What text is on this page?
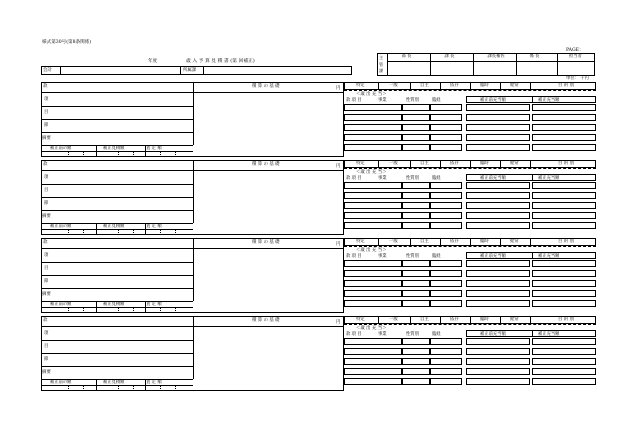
様式第30号(第8条関係)
PAGE：
年度	歳 入 予 算 見 積 書 (第 回補正)
会計	所属課
部 長	課 長	課長補佐	係 長	担当者
主 管 課
単位： 千円
款
項
目
節
摘要
積 算 の 基 礎	円
補正前の額	補正見積額	査 定 額
特定	一般	自主	依存	臨時	経常	目 的 別
＜歳 出 充 当＞
款 項 目	事業	性質別	臨経	補正前充当額	補正充当額
款
項
目
節
摘要
積 算 の 基 礎	円
補正前の額	補正見積額	査 定 額
特定	一般	自主	依存	臨時	経常	目 的 別
＜歳 出 充 当＞
款 項 目	事業	性質別	臨経	補正前充当額	補正充当額
款
項
目
節
摘要
積 算 の 基 礎	円
補正前の額	補正見積額	査 定 額
特定	一般	自主	依存	臨時	経常	目 的 別
＜歳 出 充 当＞
款 項 目	事業	性質別	臨経	補正前充当額	補正充当額
款
項
目
節
摘要
積 算 の 基 礎	円
補正前の額	補正見積額	査 定 額
特定	一般	自主	依存	臨時	経常	目 的 別
＜歳 出 充 当＞
款 項 目	事業	性質別	臨経	補正前充当額	補正充当額
